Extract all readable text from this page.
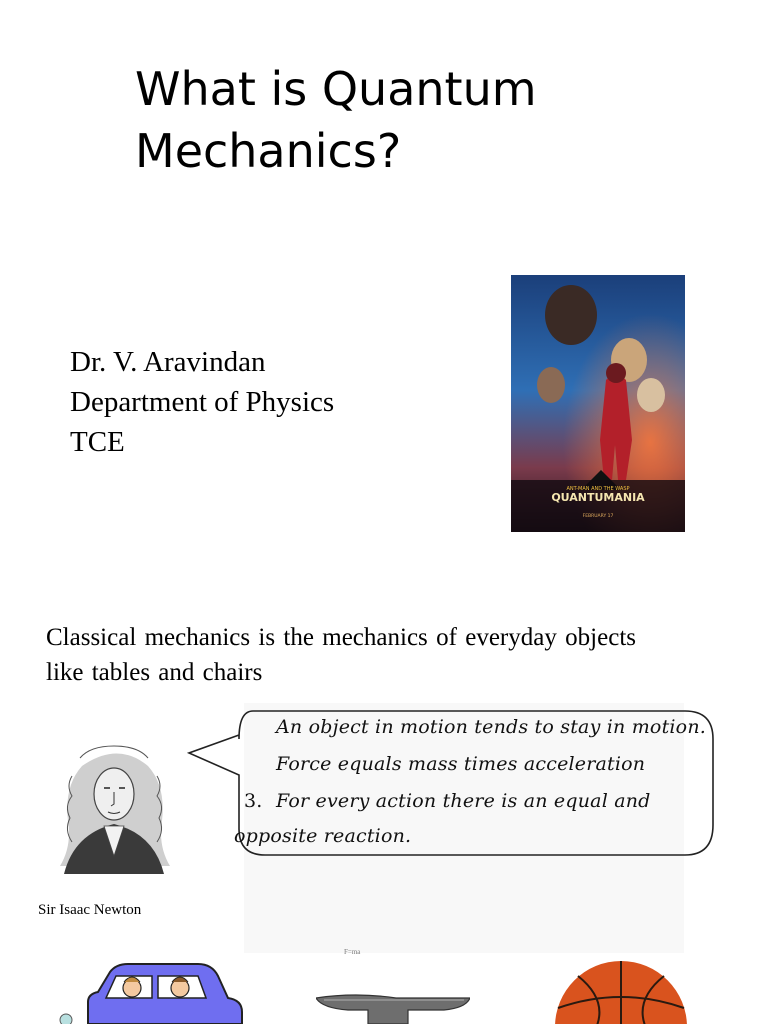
What is Quantum
Mechanics?
Dr. V. Aravindan
Department of Physics
TCE
ANT-MAN AND THE WASP
QUANTUMANIA
FEBRUARY 17
Classical mechanics is the mechanics of everyday objects like tables and chairs
An object in motion tends to stay in motion.
Force equals mass times acceleration
3. For every action there is an equal and
opposite reaction.
Sir Isaac Newton
F=ma
